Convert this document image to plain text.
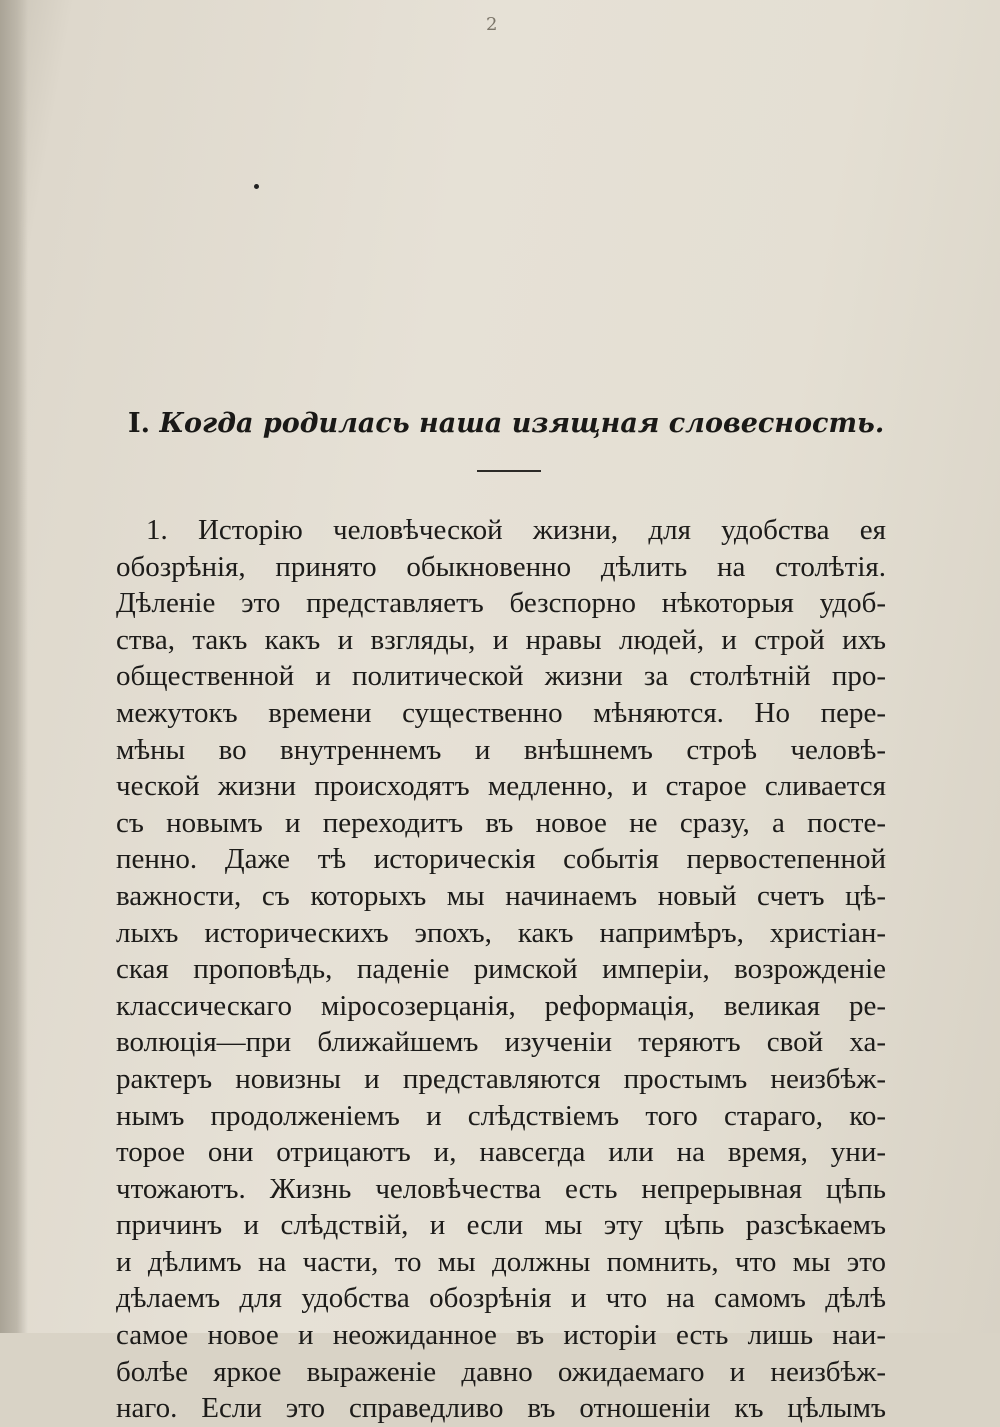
2
I. Когда родилась наша изящная словесность.
1. Исторію человѣческой жизни, для удобства ея
обозрѣнія, принято обыкновенно дѣлить на столѣтія.
Дѣленіе это представляетъ безспорно нѣкоторыя удоб-
ства, такъ какъ и взгляды, и нравы людей, и строй ихъ
общественной и политической жизни за столѣтній про-
межутокъ времени существенно мѣняются. Но пере-
мѣны во внутреннемъ и внѣшнемъ строѣ человѣ-
ческой жизни происходятъ медленно, и старое сливается
съ новымъ и переходитъ въ новое не сразу, а посте-
пенно. Даже тѣ историческія событія первостепенной
важности, съ которыхъ мы начинаемъ новый счетъ цѣ-
лыхъ историческихъ эпохъ, какъ напримѣръ, христіан-
ская проповѣдь, паденіе римской имперіи, возрожденіе
классическаго міросозерцанія, реформація, великая ре-
волюція—при ближайшемъ изученіи теряютъ свой ха-
рактеръ новизны и представляются простымъ неизбѣж-
нымъ продолженіемъ и слѣдствіемъ того стараго, ко-
торое они отрицаютъ и, навсегда или на время, уни-
чтожаютъ. Жизнь человѣчества есть непрерывная цѣпь
причинъ и слѣдствій, и если мы эту цѣпь разсѣкаемъ
и дѣлимъ на части, то мы должны помнить, что мы это
дѣлаемъ для удобства обозрѣнія и что на самомъ дѣлѣ
самое новое и неожиданное въ исторіи есть лишь наи-
болѣе яркое выраженіе давно ожидаемаго и неизбѣж-
наго. Если это справедливо въ отношеніи къ цѣлымъ
